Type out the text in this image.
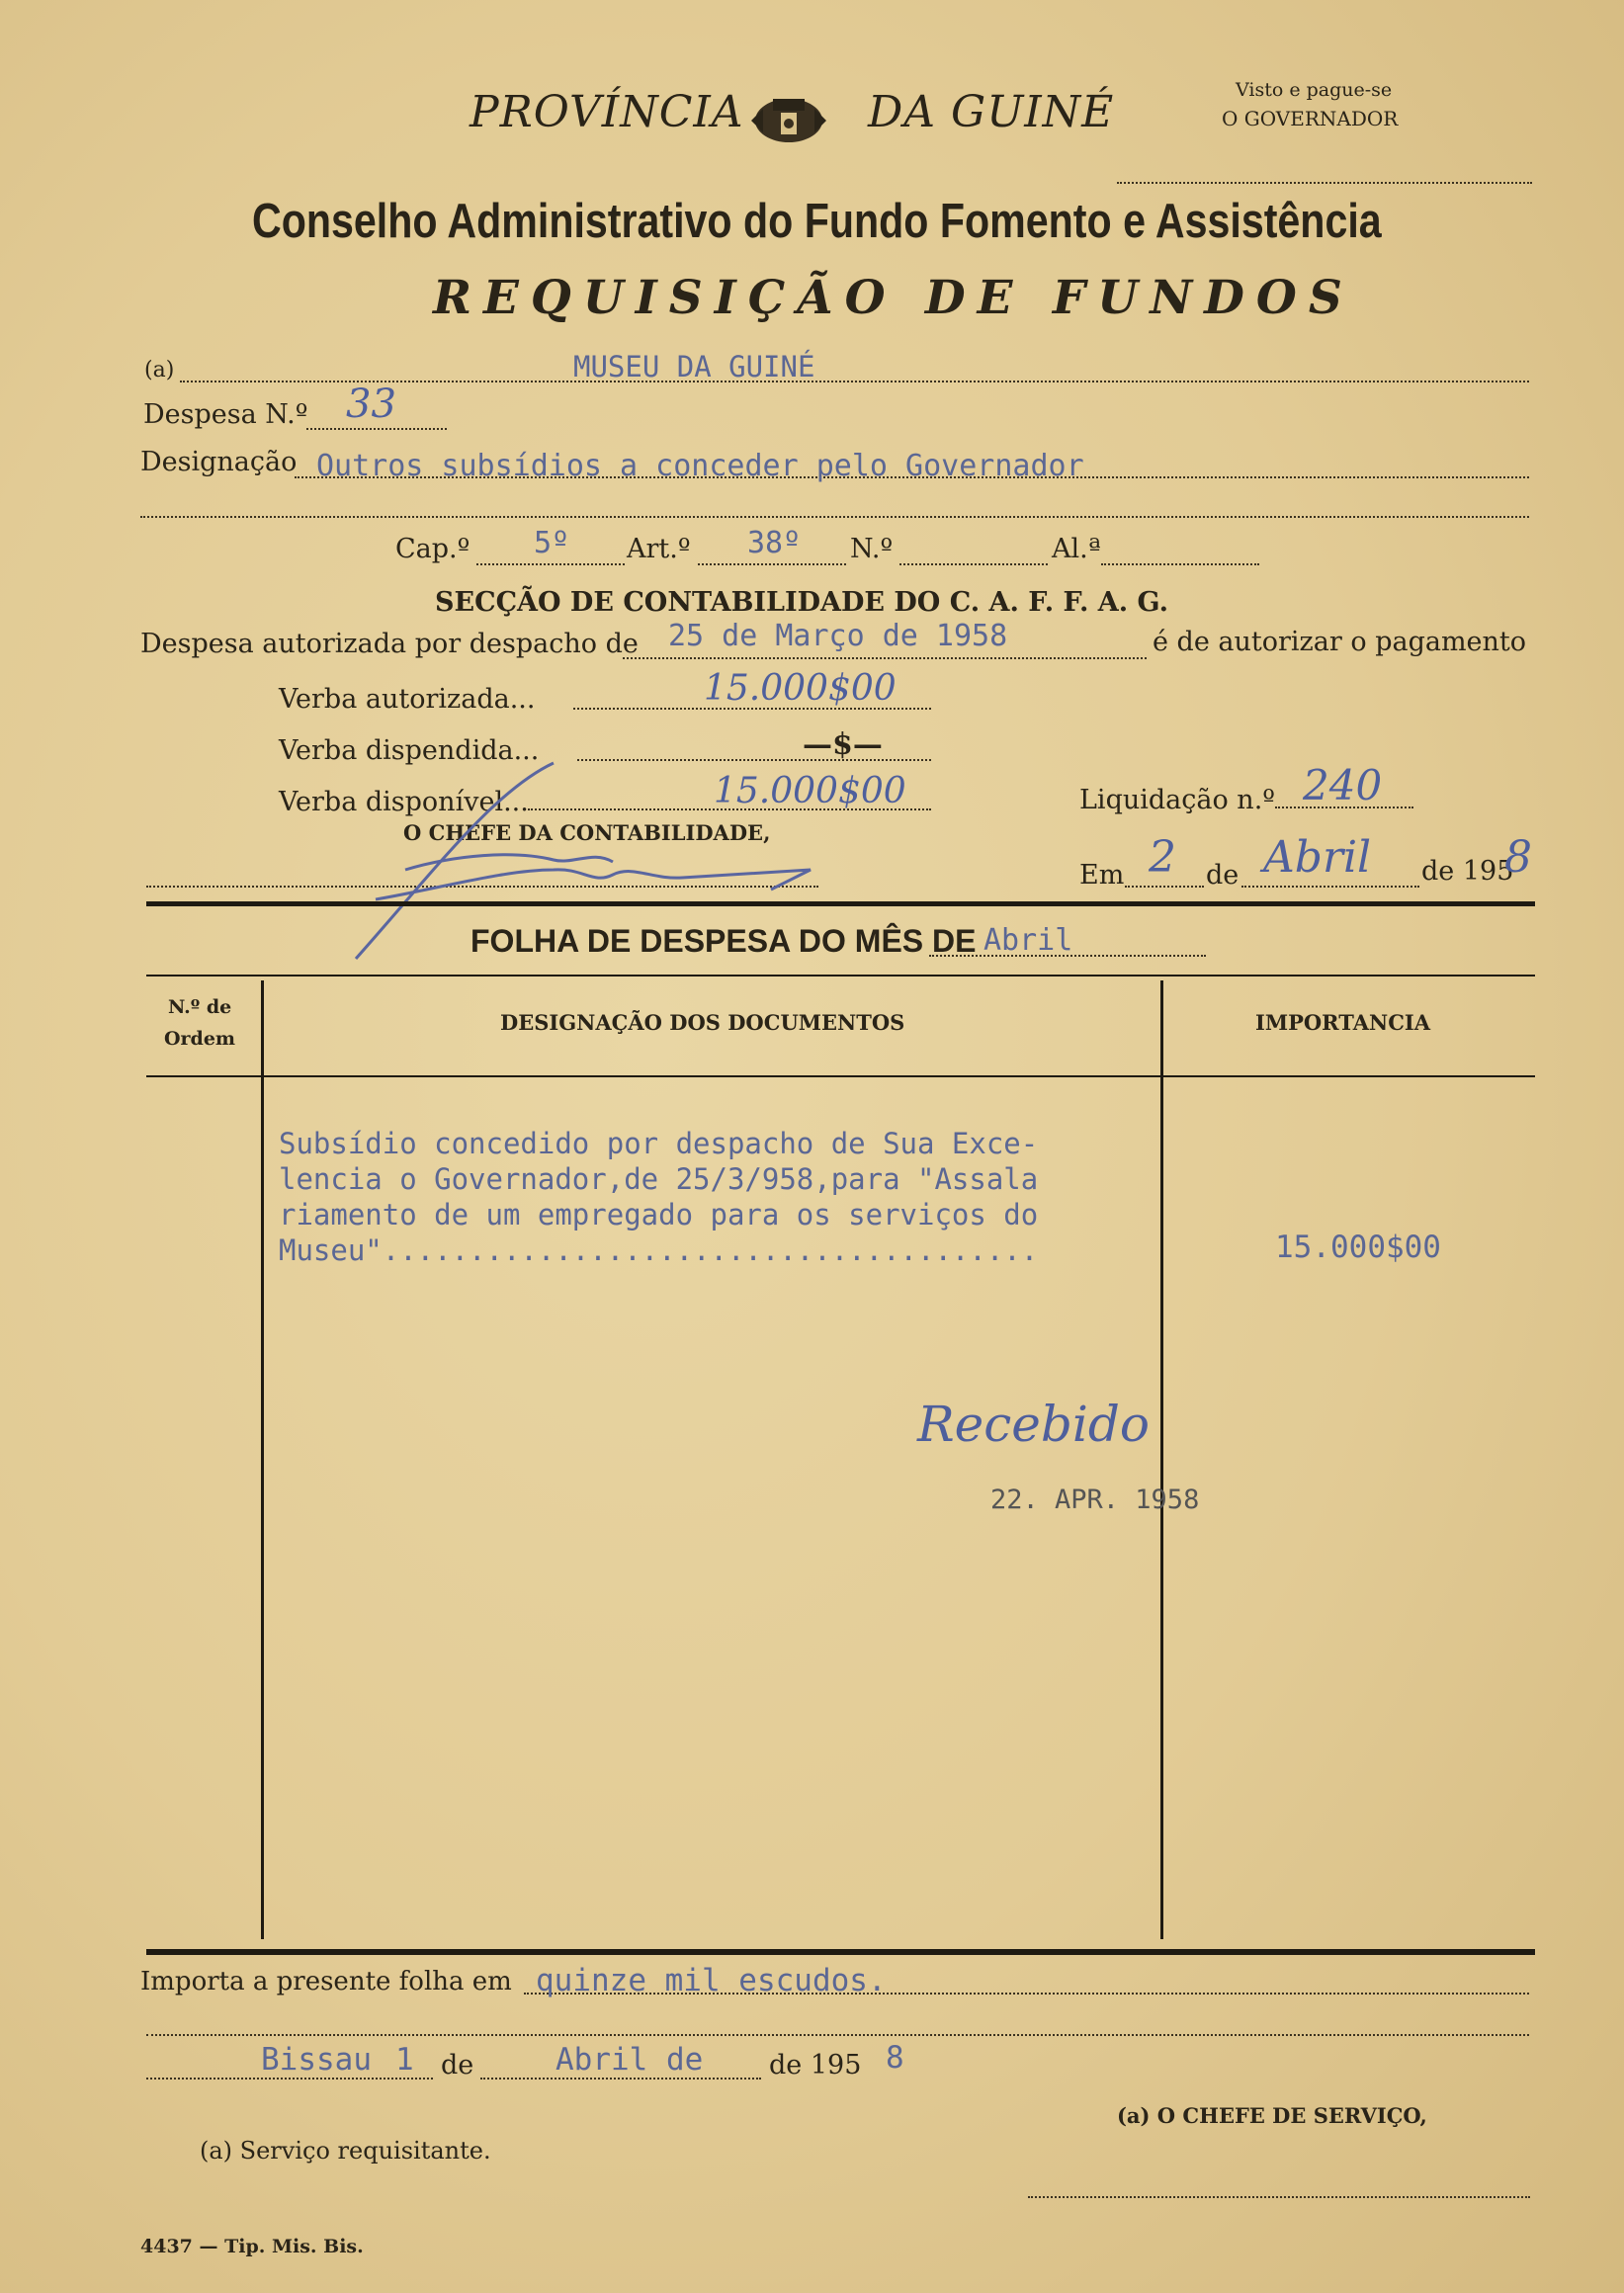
PROVÍNCIA	DA GUINÉ	Visto e pague-se
O GOVERNADOR
Conselho Administrativo do Fundo Fomento e Assistência
REQUISIÇÃO DE FUNDOS
(a)	MUSEU DA GUINÉ
Despesa N.º 33
Designação Outros subsídios a conceder pelo Governador
Cap.º 5º Art.º 38º N.º	Al.ª
SECÇÃO DE CONTABILIDADE DO C. A. F. F. A. G.
Despesa autorizada por despacho de 25 de Março de 1958	é de autorizar o pagamento
Verba autorizada...	15.000$00
Verba dispendida...	—$—
Verba disponível...	15.000$00
O CHEFE DA CONTABILIDADE,
Liquidação n.º 240
Em 2 de Abril de 195
8
FOLHA DE DESPESA DO MÊS DE Abril
N.º de
Ordem
DESIGNAÇÃO DOS DOCUMENTOS	IMPORTANCIA
Subsídio concedido por despacho de Sua Exce-
lencia o Governador,de 25/3/958,para "Assala
riamento de um empregado para os serviços do
Museu"......................................	15.000$00
Recebido
22. APR. 1958
Importa a presente folha em quinze mil escudos.
Bissau 1 de	Abril de de 195 8
(a) O CHEFE DE SERVIÇO,
(a) Serviço requisitante.
4437 — Tip. Mis. Bis.
